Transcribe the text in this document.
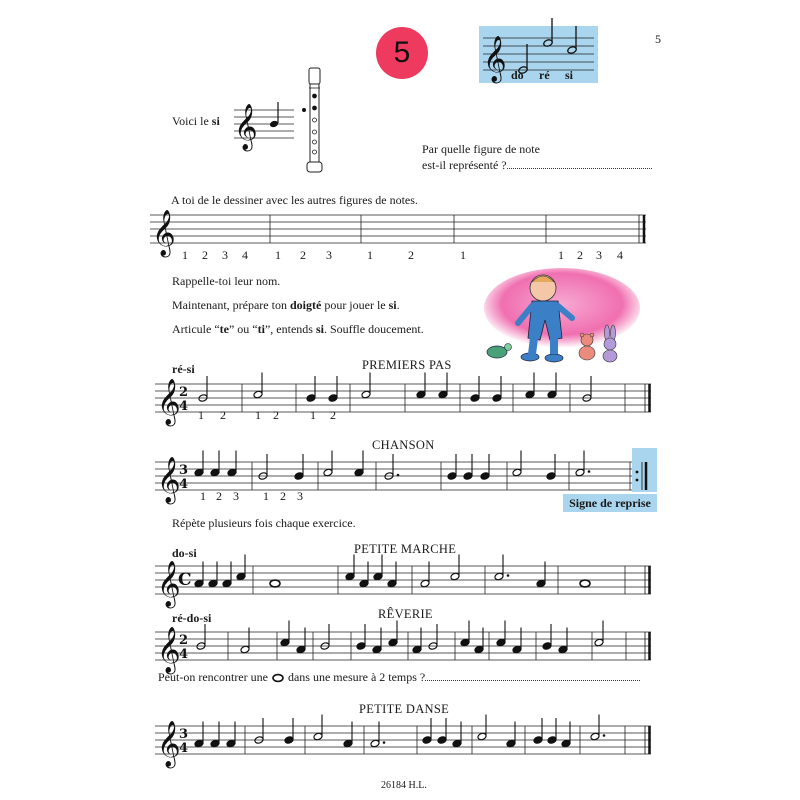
5
5 𝄞 do ré si
Voici le si 𝄞	Par quelle figure de note
est-il représenté ?
A toi de le dessiner avec les autres figures de notes.
𝄞 1 2 3 4 1 2 3	1	2	1	1 2 3 4
Rappelle-toi leur nom.
Maintenant, prépare ton doigté pour jouer le si.
Articule “te” ou “ti”, entends si. Souffle doucement.
ré-si	PREMIERS PAS
𝄞
2
4
CHANSON
𝄞
3
4
Signe de reprise
Répète plusieurs fois chaque exercice.
do-si	PETITE MARCHE
𝄞
C
ré-do-si	RÊVERIE
𝄞
2
4
Peut-on rencontrer une dans une mesure à 2 temps ?
PETITE DANSE
𝄞
3
4
1 2 1 2	1 2
1 2 3 1 2 3
26184 H.L.
